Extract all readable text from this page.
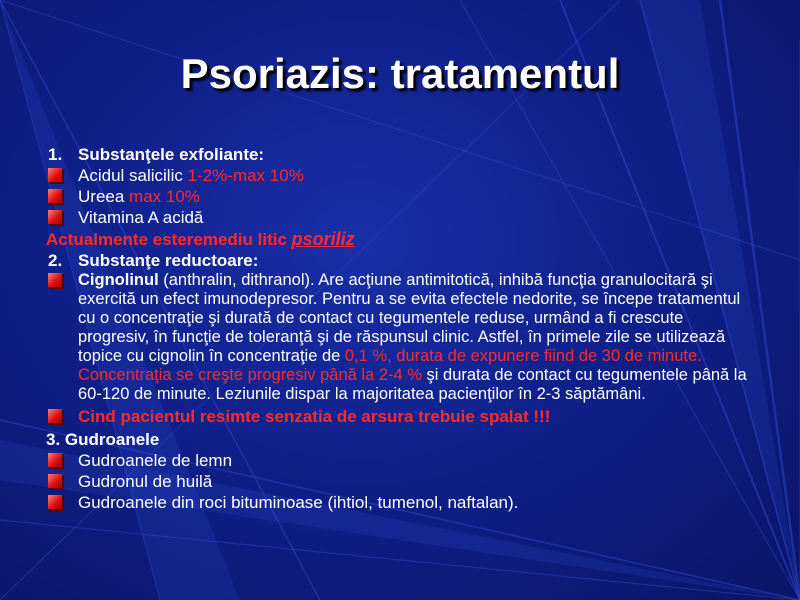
Psoriazis: tratamentul
1. Substanţele exfoliante:
Acidul salicilic 1-2%-max 10%
Ureea max 10%
Vitamina A acidă
Actualmente esteremediu litic psoriliz
2. Substanţe reductoare:
Cignolinul (anthralin, dithranol). Are acţiune antimitotică, inhibă funcţia granulocitară şi exercită un efect imunodepresor. Pentru a se evita efectele nedorite, se începe tratamentul cu o concentraţie şi durată de contact cu tegumentele reduse, urmând a fi crescute progresiv, în funcţie de toleranţă şi de răspunsul clinic. Astfel, în primele zile se utilizează topice cu cignolin în concentraţie de 0,1 %, durata de expunere fiind de 30 de minute. Concentraţia se creşte progresiv până la 2-4 % şi durata de contact cu tegumentele până la 60-120 de minute. Leziunile dispar la majoritatea pacienţilor în 2-3 săptămâni.
Cind pacientul resimte senzatia de arsura trebuie spalat !!!
3. Gudroanele
Gudroanele de lemn
Gudronul de huilă
Gudroanele din roci bituminoase (ihtiol, tumenol, naftalan).
